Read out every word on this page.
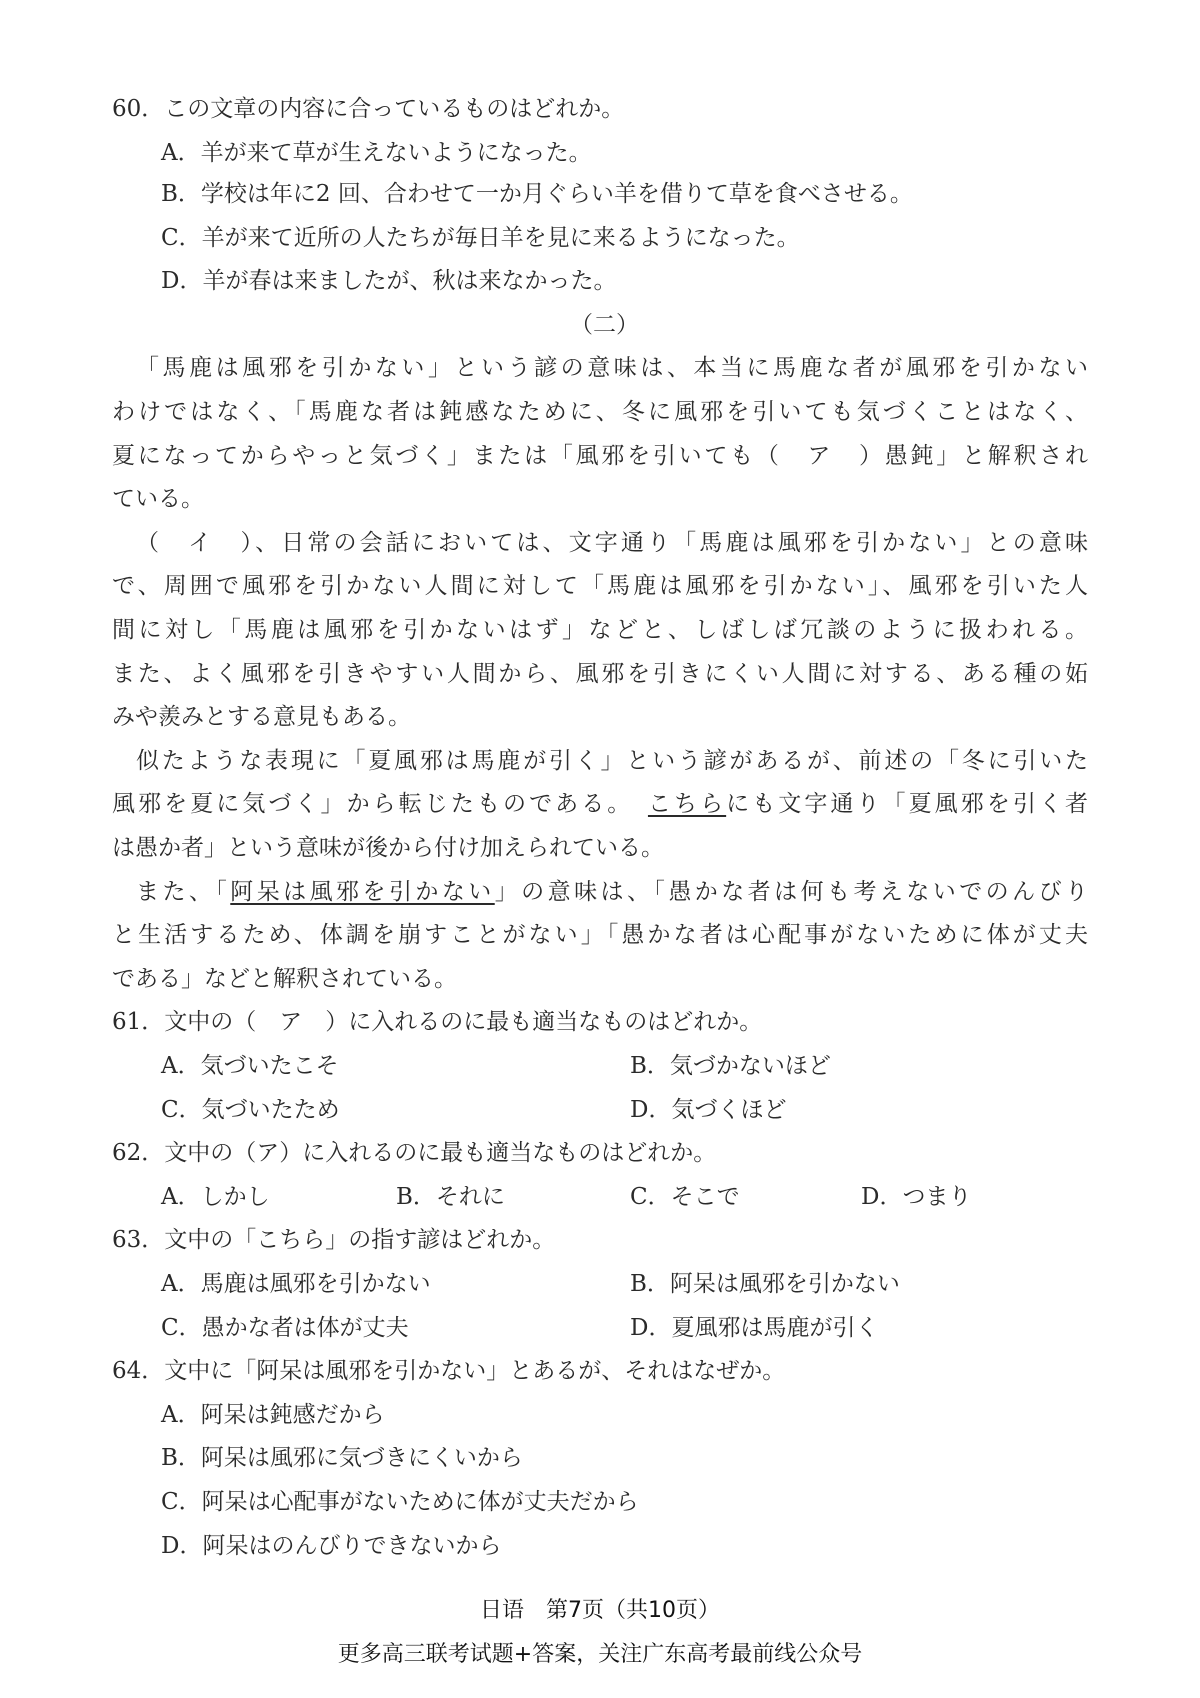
60．この文章の内容に合っているものはどれか。
A．羊が来て草が生えないようになった。
B．学校は年に2 回、合わせて一か月ぐらい羊を借りて草を食べさせる。
C．羊が来て近所の人たちが毎日羊を見に来るようになった。
D．羊が春は来ましたが、秋は来なかった。
（二）
「馬鹿は風邪を引かない」という諺の意味は、本当に馬鹿な者が風邪を引かない
わけではなく、「馬鹿な者は鈍感なために、冬に風邪を引いても気づくことはなく、
夏になってからやっと気づく」または「風邪を引いても（　ア　）愚鈍」と解釈され
ている。
（　イ　）、日常の会話においては、文字通り「馬鹿は風邪を引かない」との意味
で、周囲で風邪を引かない人間に対して「馬鹿は風邪を引かない」、風邪を引いた人
間に対し「馬鹿は風邪を引かないはず」などと、しばしば冗談のように扱われる。
また、よく風邪を引きやすい人間から、風邪を引きにくい人間に対する、ある種の妬
みや羨みとする意見もある。
似たような表現に「夏風邪は馬鹿が引く」という諺があるが、前述の「冬に引いた
風邪を夏に気づく」から転じたものである。　 こちらにも文字通り「夏風邪を引く者
は愚か者」という意味が後から付け加えられている。
また、「阿呆は風邪を引かない」の意味は、「愚かな者は何も考えないでのんびり
と生活するため、体調を崩すことがない」「愚かな者は心配事がないために体が丈夫
である」などと解釈されている。
61．文中の（　ア　）に入れるのに最も適当なものはどれか。
A．気づいたこそ	B．気づかないほど
C．気づいたため	D．気づくほど
62．文中の（ア）に入れるのに最も適当なものはどれか。
A．しかし	B．それに	C．そこで	D．つまり
63．文中の「こちら」の指す諺はどれか。
A．馬鹿は風邪を引かない	B．阿呆は風邪を引かない
C．愚かな者は体が丈夫	D．夏風邪は馬鹿が引く
64．文中に「阿呆は風邪を引かない」とあるが、それはなぜか。
A．阿呆は鈍感だから
B．阿呆は風邪に気づきにくいから
C．阿呆は心配事がないために体が丈夫だから
D．阿呆はのんびりできないから
日语　第7页（共10页）
更多高三联考试题+答案，关注广东高考最前线公众号
